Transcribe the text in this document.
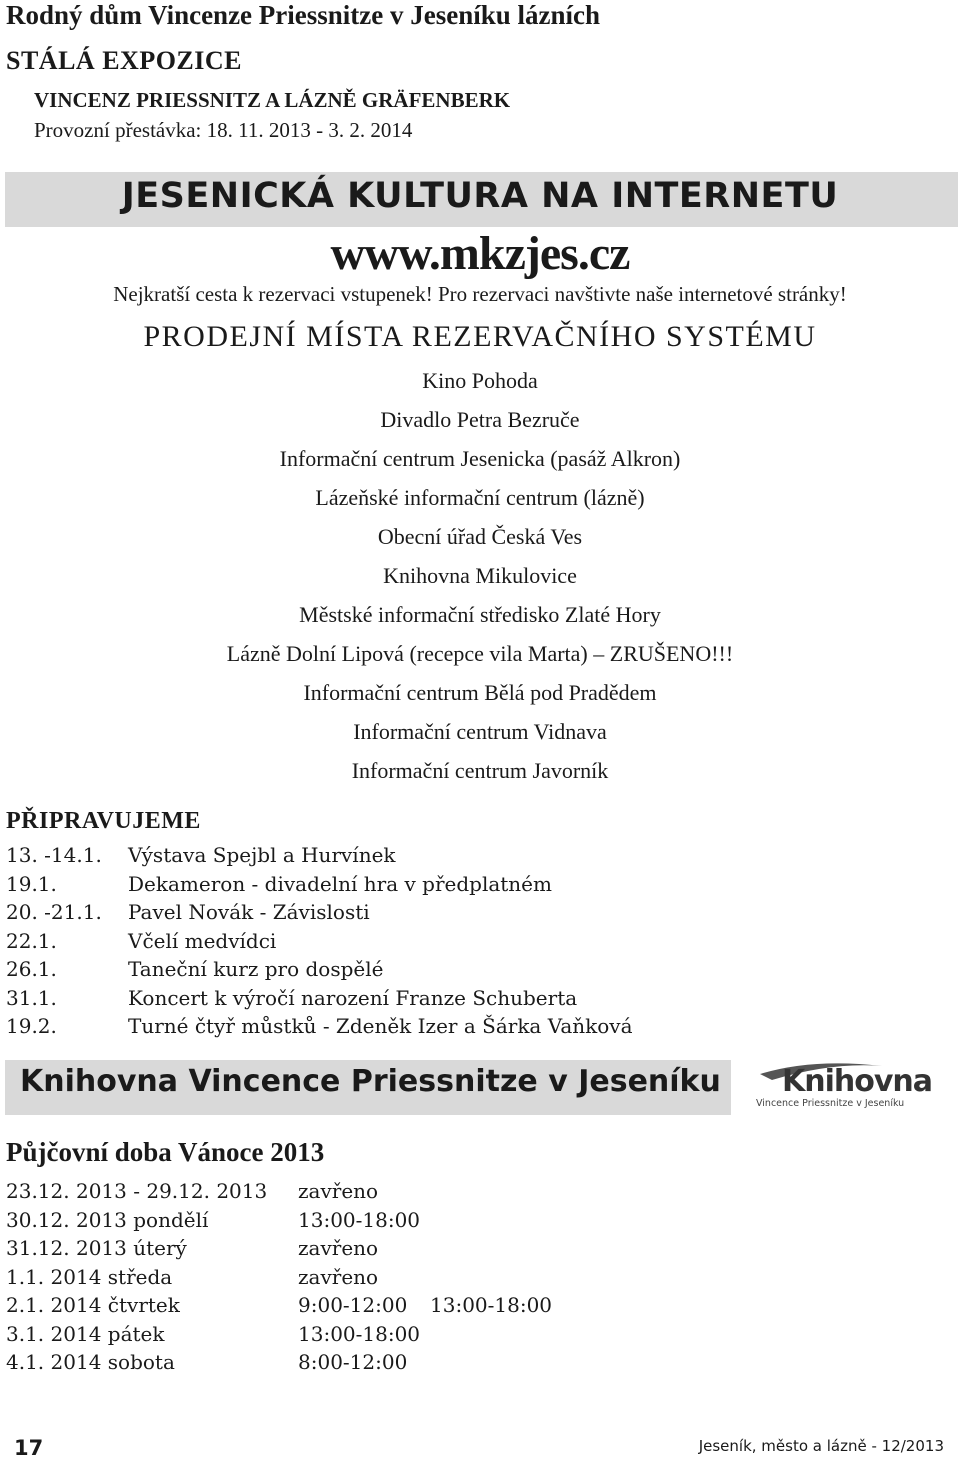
Rodný dům Vincenze Priessnitze v Jeseníku lázních
STÁLÁ EXPOZICE
VINCENZ PRIESSNITZ A LÁZNĚ GRÄFENBERK
Provozní přestávka: 18. 11. 2013 - 3. 2. 2014
JESENICKÁ KULTURA NA INTERNETU
www.mkzjes.cz
Nejkratší cesta k rezervaci vstupenek! Pro rezervaci navštivte naše internetové stránky!
PRODEJNÍ MÍSTA REZERVAČNÍHO SYSTÉMU
Kino Pohoda
Divadlo Petra Bezruče
Informační centrum Jesenicka (pasáž Alkron)
Lázeňské informační centrum (lázně)
Obecní úřad Česká Ves
Knihovna Mikulovice
Městské informační středisko Zlaté Hory
Lázně Dolní Lipová (recepce vila Marta) – ZRUŠENO!!!
Informační centrum Bělá pod Pradědem
Informační centrum Vidnava
Informační centrum Javorník
PŘIPRAVUJEME
13. -14.1. Výstava Spejbl a Hurvínek
19.1.	Dekameron - divadelní hra v předplatném
20. -21.1. Pavel Novák - Závislosti
22.1.	Včelí medvídci
26.1.	Taneční kurz pro dospělé
31.1.	Koncert k výročí narození Franze Schuberta
19.2.	Turné čtyř můstků - Zdeněk Izer a Šárka Vaňková
Knihovna Vincence Priessnitze v Jeseníku Knihovna
Vincence Priessnitze v Jeseníku
Půjčovní doba Vánoce 2013
23.12. 2013 - 29.12. 2013 zavřeno
30.12. 2013 pondělí	13:00-18:00
31.12. 2013 úterý	zavřeno
1.1. 2014 středa	zavřeno
2.1. 2014 čtvrtek	9:00-12:00 13:00-18:00
3.1. 2014 pátek	13:00-18:00
4.1. 2014 sobota	8:00-12:00
17	Jeseník, město a lázně - 12/2013
